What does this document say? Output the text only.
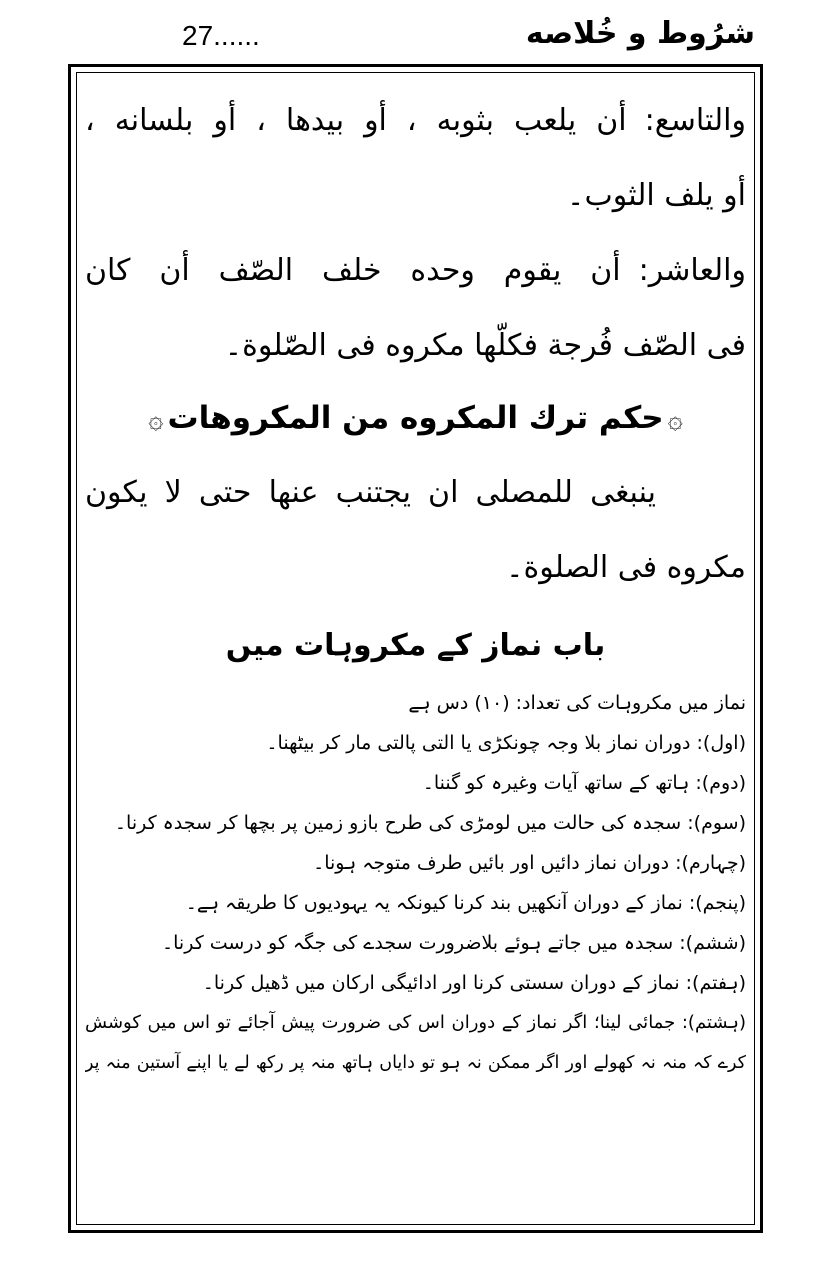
27......	شرُوط و خُلاصه
والتاسع:أن يلعب بثوبه ، أو بيدها ، أو بلسانه ،
أو يلف الثوب۔
والعاشر:أن يقوم وحده خلف الصّف أن كان
فى الصّف فُرجة فكلّها مكروه فى الصّلوة۔
۞حكم ترك المكروه من المكروهات۞
ينبغى للمصلى ان يجتنب عنها حتى لا يكون
مكروه فى الصلوة۔
باب نماز کے مکروہات میں
نماز میں مکروہات کی تعداد: (۱۰) دس ہے
(اول): دوران نماز بلا وجہ چونکڑی یا التی پالتی مار کر بیٹھنا۔
(دوم): ہاتھ کے ساتھ آیات وغیرہ کو گننا۔
(سوم): سجدہ کی حالت میں لومڑی کی طرح بازو زمین پر بچھا کر سجدہ کرنا۔
(چہارم): دوران نماز دائیں اور بائیں طرف متوجہ ہونا۔
(پنجم): نماز کے دوران آنکھیں بند کرنا کیونکہ یہ یہودیوں کا طریقہ ہے۔
(ششم): سجدہ میں جاتے ہوئے بلاضرورت سجدے کی جگہ کو درست کرنا۔
(ہفتم): نماز کے دوران سستی کرنا اور ادائیگی ارکان میں ڈھیل کرنا۔
(ہشتم): جمائی لینا؛ اگر نماز کے دوران اس کی ضرورت پیش آجائے تو اس میں کوشش
کرے کہ منہ نہ کھولے اور اگر ممکن نہ ہو تو دایاں ہاتھ منہ پر رکھ لے یا اپنے آستین منہ پر
